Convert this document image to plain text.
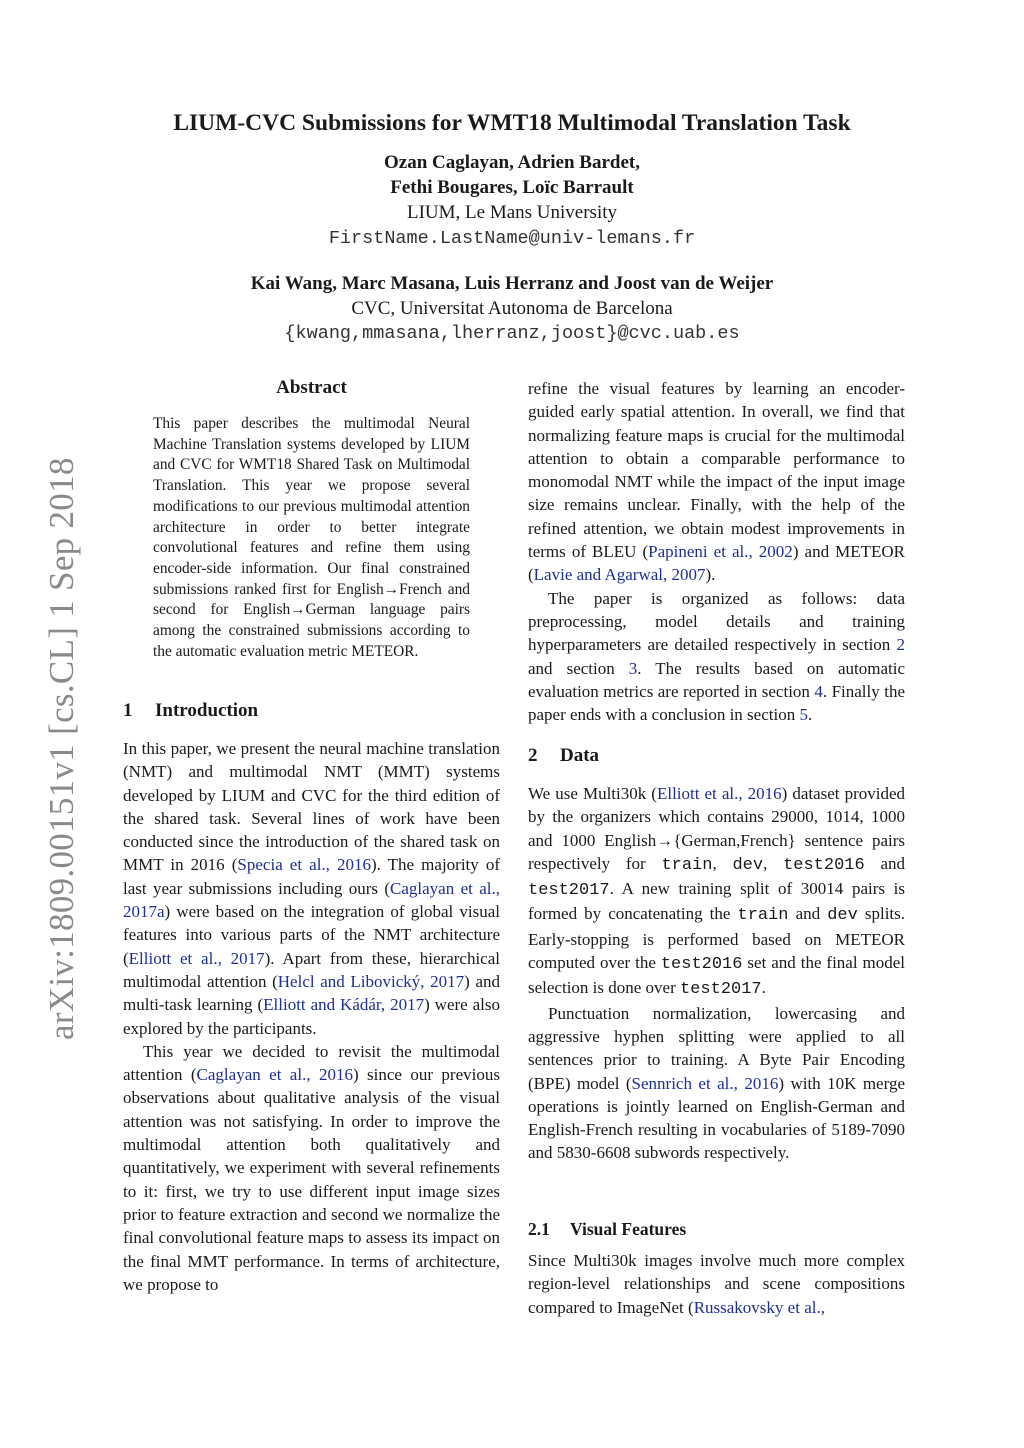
arXiv:1809.00151v1 [cs.CL] 1 Sep 2018
LIUM-CVC Submissions for WMT18 Multimodal Translation Task
Ozan Caglayan, Adrien Bardet,
Fethi Bougares, Loïc Barrault
LIUM, Le Mans University
FirstName.LastName@univ-lemans.fr
Kai Wang, Marc Masana, Luis Herranz and Joost van de Weijer
CVC, Universitat Autonoma de Barcelona
{kwang,mmasana,lherranz,joost}@cvc.uab.es
Abstract
This paper describes the multimodal Neural Machine Translation systems developed by LIUM and CVC for WMT18 Shared Task on Multimodal Translation. This year we propose several modifications to our previous multimodal attention architecture in order to better integrate convolutional features and refine them using encoder-side information. Our final constrained submissions ranked first for English→French and second for English→German language pairs among the constrained submissions according to the automatic evaluation metric METEOR.
1 Introduction

In this paper, we present the neural machine translation (NMT) and multimodal NMT (MMT) systems developed by LIUM and CVC for the third edition of the shared task. Several lines of work have been conducted since the introduction of the shared task on MMT in 2016 (Specia et al., 2016). The majority of last year submissions including ours (Caglayan et al., 2017a) were based on the integration of global visual features into various parts of the NMT architecture (Elliott et al., 2017). Apart from these, hierarchical multimodal attention (Helcl and Libovický, 2017) and multi-task learning (Elliott and Kádár, 2017) were also explored by the participants.

This year we decided to revisit the multimodal attention (Caglayan et al., 2016) since our previous observations about qualitative analysis of the visual attention was not satisfying. In order to improve the multimodal attention both qualitatively and quantitatively, we experiment with several refinements to it: first, we try to use different input image sizes prior to feature extraction and second we normalize the final convolutional feature maps to assess its impact on the final MMT performance. In terms of architecture, we propose to

refine the visual features by learning an encoder-guided early spatial attention. In overall, we find that normalizing feature maps is crucial for the multimodal attention to obtain a comparable performance to monomodal NMT while the impact of the input image size remains unclear. Finally, with the help of the refined attention, we obtain modest improvements in terms of BLEU (Papineni et al., 2002) and METEOR (Lavie and Agarwal, 2007).

The paper is organized as follows: data preprocessing, model details and training hyperparameters are detailed respectively in section 2 and section 3. The results based on automatic evaluation metrics are reported in section 4. Finally the paper ends with a conclusion in section 5.

2 Data

We use Multi30k (Elliott et al., 2016) dataset provided by the organizers which contains 29000, 1014, 1000 and 1000 English→{German,French} sentence pairs respectively for train, dev, test2016 and test2017. A new training split of 30014 pairs is formed by concatenating the train and dev splits. Early-stopping is performed based on METEOR computed over the test2016 set and the final model selection is done over test2017.

Punctuation normalization, lowercasing and aggressive hyphen splitting were applied to all sentences prior to training. A Byte Pair Encoding (BPE) model (Sennrich et al., 2016) with 10K merge operations is jointly learned on English-German and English-French resulting in vocabularies of 5189-7090 and 5830-6608 subwords respectively.

2.1 Visual Features

Since Multi30k images involve much more complex region-level relationships and scene compositions compared to ImageNet (Russakovsky et al.,
